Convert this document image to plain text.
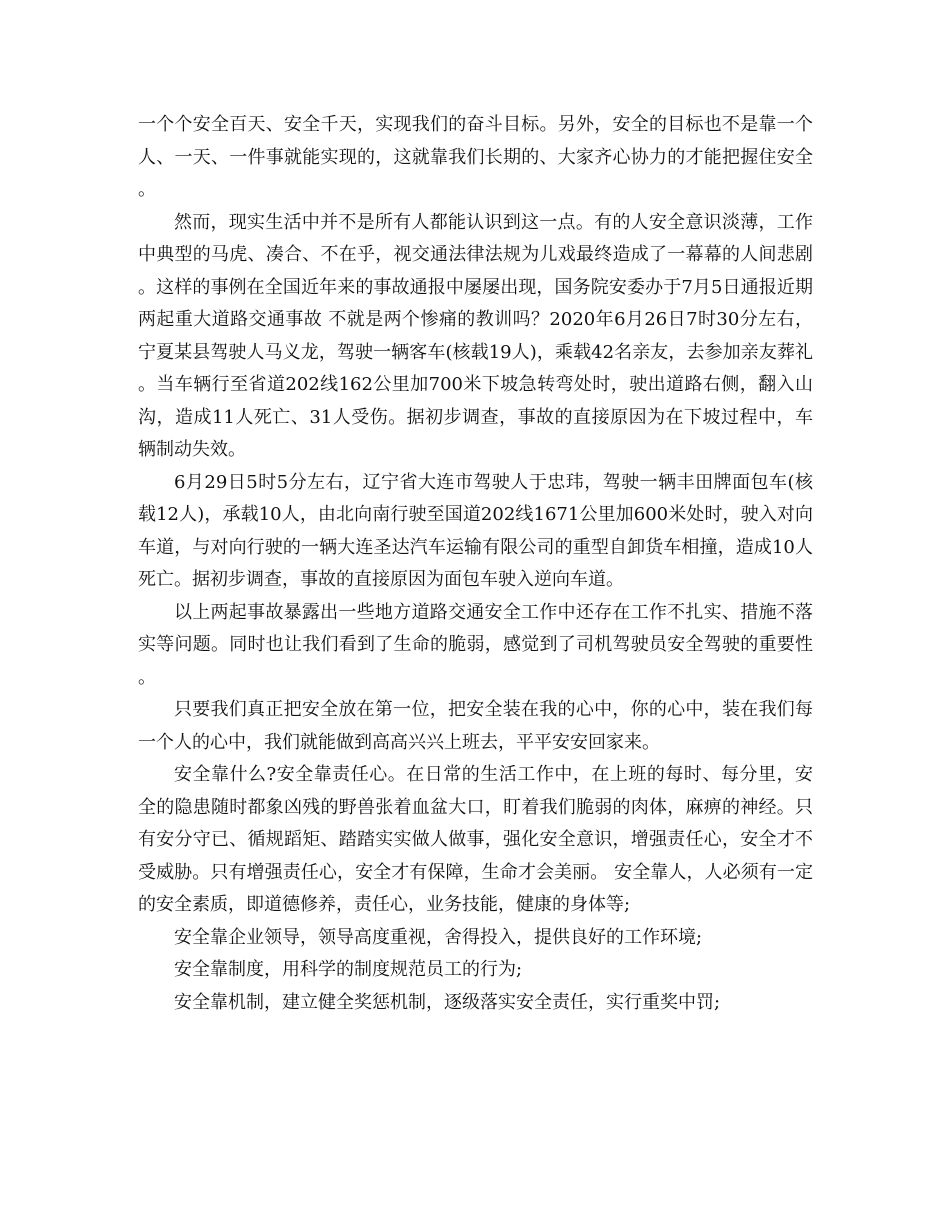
一个个安全百天、安全千天，实现我们的奋斗目标。另外，安全的目标也不是靠一个人、一天、一件事就能实现的，这就靠我们长期的、大家齐心协力的才能把握住安全。

然而，现实生活中并不是所有人都能认识到这一点。有的人安全意识淡薄，工作中典型的马虎、凑合、不在乎，视交通法律法规为儿戏最终造成了一幕幕的人间悲剧。这样的事例在全国近年来的事故通报中屡屡出现，国务院安委办于7月5日通报近期两起重大道路交通事故 不就是两个惨痛的教训吗？2020年6月26日7时30分左右，宁夏某县驾驶人马义龙，驾驶一辆客车(核载19人)，乘载42名亲友，去参加亲友葬礼。当车辆行至省道202线162公里加700米下坡急转弯处时，驶出道路右侧，翻入山沟，造成11人死亡、31人受伤。据初步调查，事故的直接原因为在下坡过程中，车辆制动失效。

6月29日5时5分左右，辽宁省大连市驾驶人于忠玮，驾驶一辆丰田牌面包车(核载12人)，承载10人，由北向南行驶至国道202线1671公里加600米处时，驶入对向车道，与对向行驶的一辆大连圣达汽车运输有限公司的重型自卸货车相撞，造成10人死亡。据初步调查，事故的直接原因为面包车驶入逆向车道。

以上两起事故暴露出一些地方道路交通安全工作中还存在工作不扎实、措施不落实等问题。同时也让我们看到了生命的脆弱，感觉到了司机驾驶员安全驾驶的重要性。

只要我们真正把安全放在第一位，把安全装在我的心中，你的心中，装在我们每一个人的心中，我们就能做到高高兴兴上班去，平平安安回家来。

安全靠什么?安全靠责任心。在日常的生活工作中，在上班的每时、每分里，安全的隐患随时都象凶残的野兽张着血盆大口，盯着我们脆弱的肉体，麻痹的神经。只有安分守已、循规蹈矩、踏踏实实做人做事，强化安全意识，增强责任心，安全才不受威胁。只有增强责任心，安全才有保障，生命才会美丽。 安全靠人，人必须有一定的安全素质，即道德修养，责任心，业务技能，健康的身体等;

安全靠企业领导，领导高度重视，舍得投入，提供良好的工作环境;

安全靠制度，用科学的制度规范员工的行为;

安全靠机制，建立健全奖惩机制，逐级落实安全责任，实行重奖中罚;
